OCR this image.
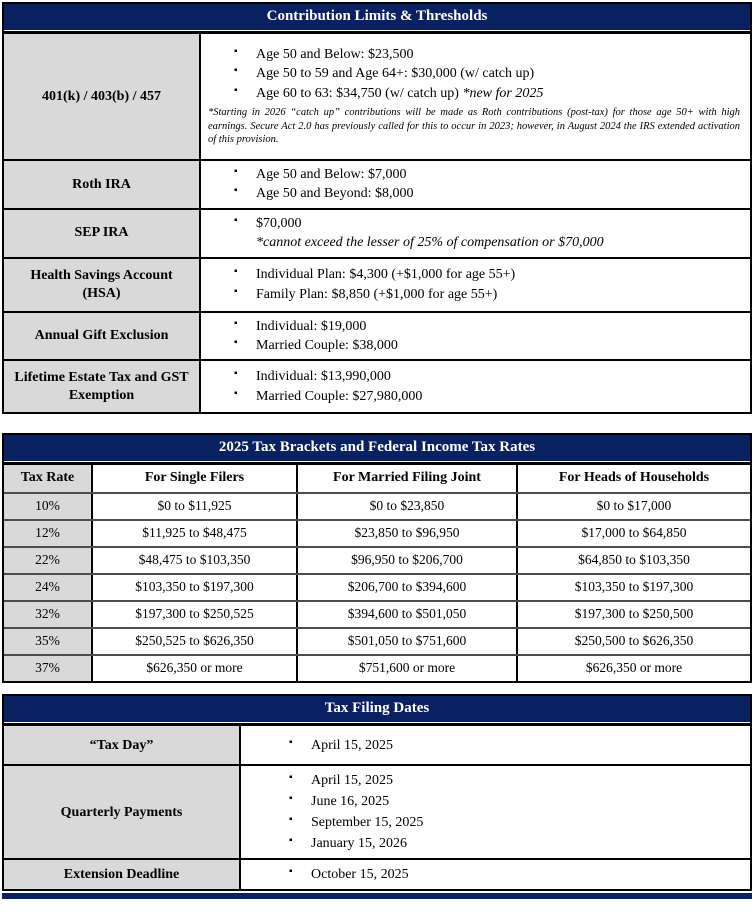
Contribution Limits & Thresholds
401(k) / 403(b) / 457
▪	Age 50 and Below: $23,500
▪	Age 50 to 59 and Age 64+: $30,000 (w/ catch up)
▪	Age 60 to 63: $34,750 (w/ catch up) *new for 2025
*Starting in 2026 “catch up” contributions will be made as Roth contributions (post-tax) for those age 50+ with high earnings. Secure Act 2.0 has previously called for this to occur in 2023; however, in August 2024 the IRS extended activation of this provision.
Roth IRA
▪	Age 50 and Below: $7,000
▪	Age 50 and Beyond: $8,000
SEP IRA
▪	$70,000
*cannot exceed the lesser of 25% of compensation or $70,000
Health Savings Account (HSA)
▪	Individual Plan: $4,300 (+$1,000 for age 55+)
▪	Family Plan: $8,850 (+$1,000 for age 55+)
Annual Gift Exclusion
▪	Individual: $19,000
▪	Married Couple: $38,000
Lifetime Estate Tax and GST Exemption
▪	Individual: $13,990,000
▪	Married Couple: $27,980,000
2025 Tax Brackets and Federal Income Tax Rates
Tax Rate	For Single Filers	For Married Filing Joint	For Heads of Households
10%	$0 to $11,925	$0 to $23,850	$0 to $17,000
12%	$11,925 to $48,475	$23,850 to $96,950	$17,000 to $64,850
22%	$48,475 to $103,350	$96,950 to $206,700	$64,850 to $103,350
24%	$103,350 to $197,300	$206,700 to $394,600	$103,350 to $197,300
32%	$197,300 to $250,525	$394,600 to $501,050	$197,300 to $250,500
35%	$250,525 to $626,350	$501,050 to $751,600	$250,500 to $626,350
37%	$626,350 or more	$751,600 or more	$626,350 or more
Tax Filing Dates
“Tax Day”	▪	April 15, 2025
Quarterly Payments
▪	April 15, 2025
▪	June 16, 2025
▪	September 15, 2025
▪	January 15, 2026
Extension Deadline	▪	October 15, 2025
